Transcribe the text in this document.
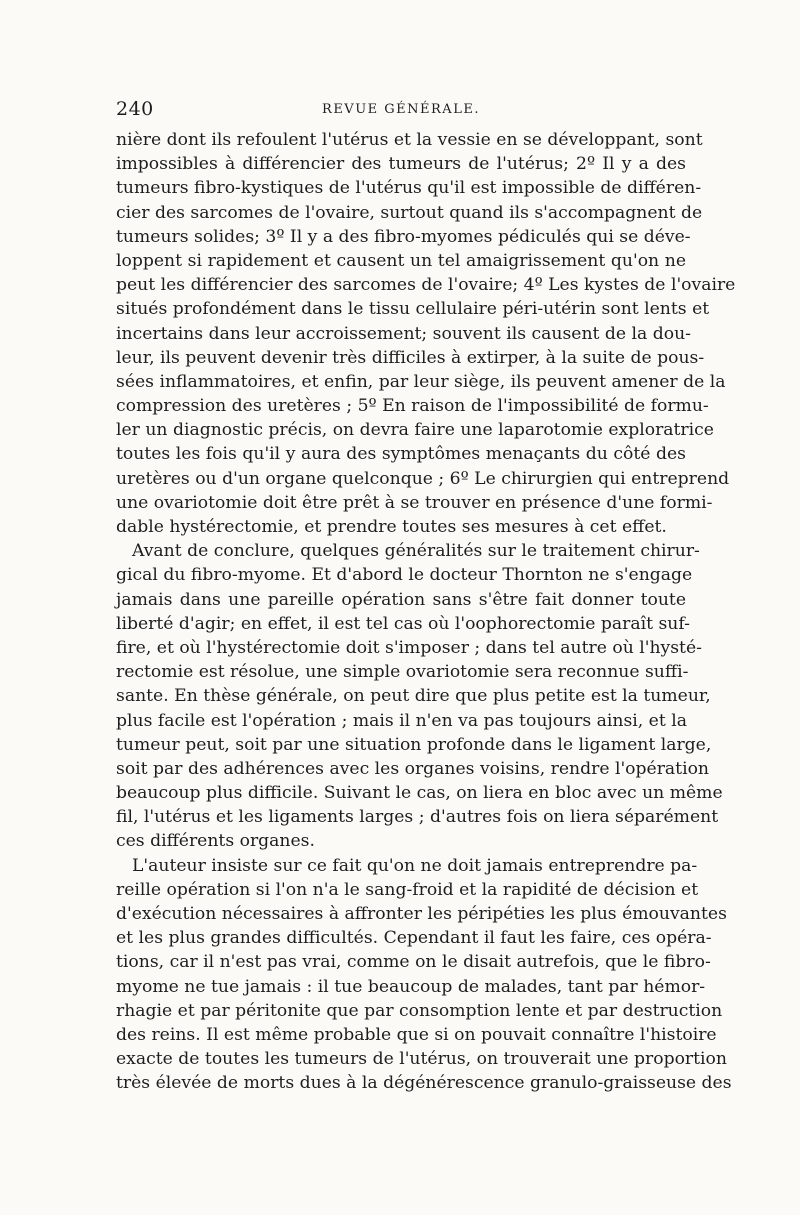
240	REVUE GÉNÉRALE.
nière dont ils refoulent l'utérus et la vessie en se développant, sont
impossibles à différencier des tumeurs de l'utérus; 2º Il y a des
tumeurs fibro-kystiques de l'utérus qu'il est impossible de différen-
cier des sarcomes de l'ovaire, surtout quand ils s'accompagnent de
tumeurs solides; 3º Il y a des fibro-myomes pédiculés qui se déve-
loppent si rapidement et causent un tel amaigrissement qu'on ne
peut les différencier des sarcomes de l'ovaire; 4º Les kystes de l'ovaire
situés profondément dans le tissu cellulaire péri-utérin sont lents et
incertains dans leur accroissement; souvent ils causent de la dou-
leur, ils peuvent devenir très difficiles à extirper, à la suite de pous-
sées inflammatoires, et enfin, par leur siège, ils peuvent amener de la
compression des uretères ; 5º En raison de l'impossibilité de formu-
ler un diagnostic précis, on devra faire une laparotomie exploratrice
toutes les fois qu'il y aura des symptômes menaçants du côté des
uretères ou d'un organe quelconque ; 6º Le chirurgien qui entreprend
une ovariotomie doit être prêt à se trouver en présence d'une formi-
dable hystérectomie, et prendre toutes ses mesures à cet effet.
Avant de conclure, quelques généralités sur le traitement chirur-
gical du fibro-myome. Et d'abord le docteur Thornton ne s'engage
jamais dans une pareille opération sans s'être fait donner toute
liberté d'agir; en effet, il est tel cas où l'oophorectomie paraît suf-
fire, et où l'hystérectomie doit s'imposer ; dans tel autre où l'hysté-
rectomie est résolue, une simple ovariotomie sera reconnue suffi-
sante. En thèse générale, on peut dire que plus petite est la tumeur,
plus facile est l'opération ; mais il n'en va pas toujours ainsi, et la
tumeur peut, soit par une situation profonde dans le ligament large,
soit par des adhérences avec les organes voisins, rendre l'opération
beaucoup plus difficile. Suivant le cas, on liera en bloc avec un même
fil, l'utérus et les ligaments larges ; d'autres fois on liera séparément
ces différents organes.
L'auteur insiste sur ce fait qu'on ne doit jamais entreprendre pa-
reille opération si l'on n'a le sang-froid et la rapidité de décision et
d'exécution nécessaires à affronter les péripéties les plus émouvantes
et les plus grandes difficultés. Cependant il faut les faire, ces opéra-
tions, car il n'est pas vrai, comme on le disait autrefois, que le fibro-
myome ne tue jamais : il tue beaucoup de malades, tant par hémor-
rhagie et par péritonite que par consomption lente et par destruction
des reins. Il est même probable que si on pouvait connaître l'histoire
exacte de toutes les tumeurs de l'utérus, on trouverait une proportion
très élevée de morts dues à la dégénérescence granulo-graisseuse des
